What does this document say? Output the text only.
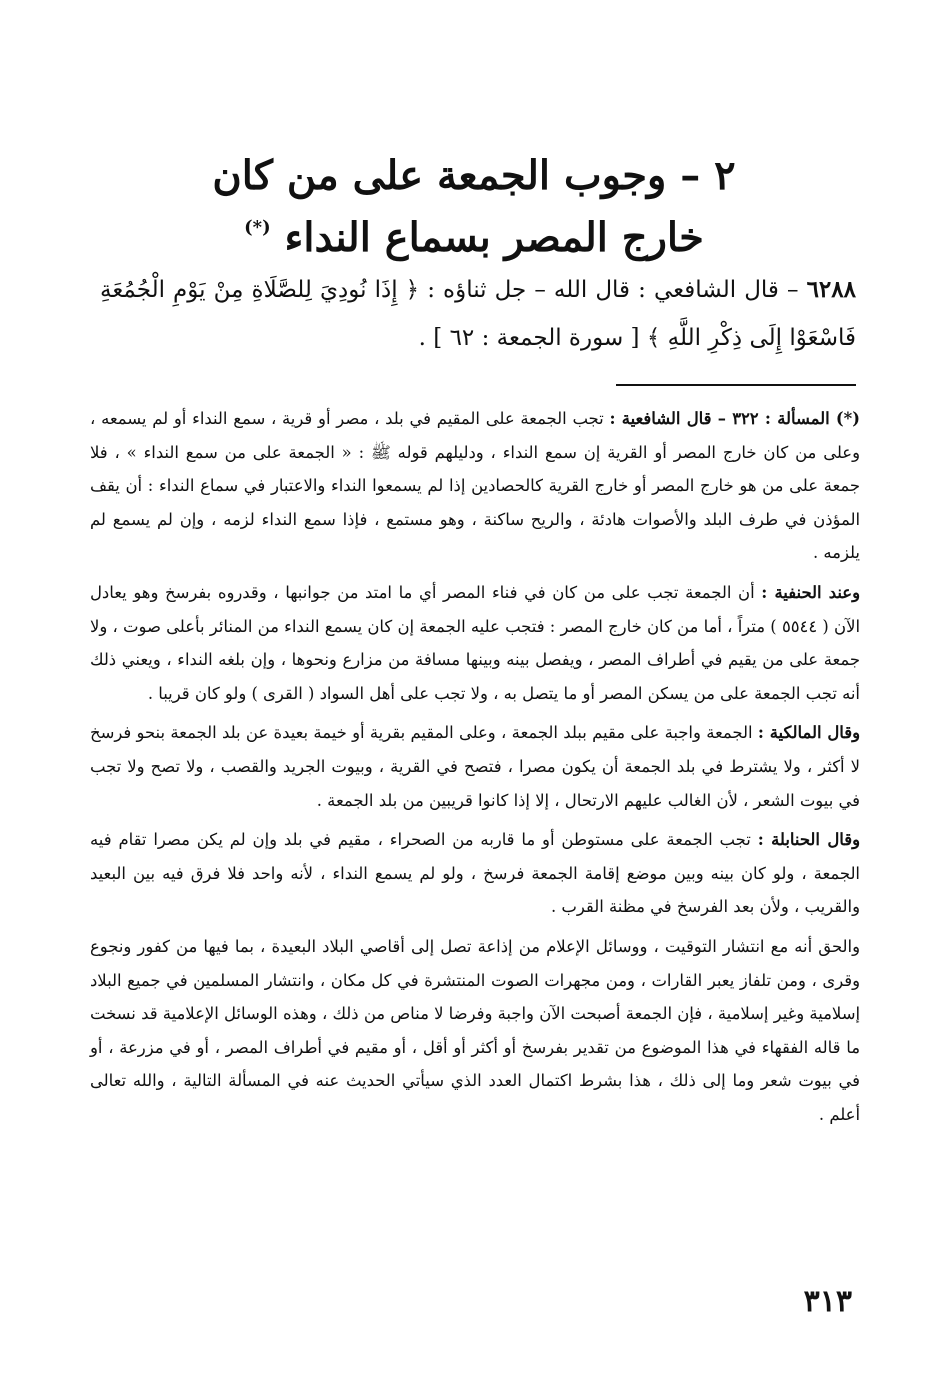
٢ – وجوب الجمعة على من كان
خارج المصر بسماع النداء (*)
٦٢٨٨ – قال الشافعي : قال الله – جل ثناؤه : ﴿ إِذَا نُودِيَ لِلصَّلَاةِ مِنْ يَوْمِ الْجُمُعَةِ فَاسْعَوْا إِلَى ذِكْرِ اللَّهِ ﴾ [ سورة الجمعة : ٦٢ ] .

(*) المسألة : ٣٢٢ – قال الشافعية : تجب الجمعة على المقيم في بلد ، مصر أو قرية ، سمع النداء أو لم يسمعه ، وعلى من كان خارج المصر أو القرية إن سمع النداء ، ودليلهم قوله ﷺ : « الجمعة على من سمع النداء » ، فلا جمعة على من هو خارج المصر أو خارج القرية كالحصادين إذا لم يسمعوا النداء والاعتبار في سماع النداء : أن يقف المؤذن في طرف البلد والأصوات هادئة ، والريح ساكنة ، وهو مستمع ، فإذا سمع النداء لزمه ، وإن لم يسمع لم يلزمه .

وعند الحنفية : أن الجمعة تجب على من كان في فناء المصر أي ما امتد من جوانبها ، وقدروه بفرسخ وهو يعادل الآن ( ٥٥٤٤ ) متراً ، أما من كان خارج المصر : فتجب عليه الجمعة إن كان يسمع النداء من المنائر بأعلى صوت ، ولا جمعة على من يقيم في أطراف المصر ، ويفصل بينه وبينها مسافة من مزارع ونحوها ، وإن بلغه النداء ، ويعني ذلك أنه تجب الجمعة على من يسكن المصر أو ما يتصل به ، ولا تجب على أهل السواد ( القرى ) ولو كان قريبا .

وقال المالكية : الجمعة واجبة على مقيم ببلد الجمعة ، وعلى المقيم بقرية أو خيمة بعيدة عن بلد الجمعة بنحو فرسخ لا أكثر ، ولا يشترط في بلد الجمعة أن يكون مصرا ، فتصح في القرية ، وبيوت الجريد والقصب ، ولا تصح ولا تجب في بيوت الشعر ، لأن الغالب عليهم الارتحال ، إلا إذا كانوا قريبين من بلد الجمعة .

وقال الحنابلة : تجب الجمعة على مستوطن أو ما قاربه من الصحراء ، مقيم في بلد وإن لم يكن مصرا تقام فيه الجمعة ، ولو كان بينه وبين موضع إقامة الجمعة فرسخ ، ولو لم يسمع النداء ، لأنه واحد فلا فرق فيه بين البعيد والقريب ، ولأن بعد الفرسخ في مظنة القرب .

والحق أنه مع انتشار التوقيت ، ووسائل الإعلام من إذاعة تصل إلى أقاصي البلاد البعيدة ، بما فيها من كفور ونجوع وقرى ، ومن تلفاز يعبر القارات ، ومن مجهرات الصوت المنتشرة في كل مكان ، وانتشار المسلمين في جميع البلاد إسلامية وغير إسلامية ، فإن الجمعة أصبحت الآن واجبة وفرضا لا مناص من ذلك ، وهذه الوسائل الإعلامية قد نسخت ما قاله الفقهاء في هذا الموضوع من تقدير بفرسخ أو أكثر أو أقل ، أو مقيم في أطراف المصر ، أو في مزرعة ، أو في بيوت شعر وما إلى ذلك ، هذا بشرط اكتمال العدد الذي سيأتي الحديث عنه في المسألة التالية ، والله تعالى أعلم .

٣١٣
